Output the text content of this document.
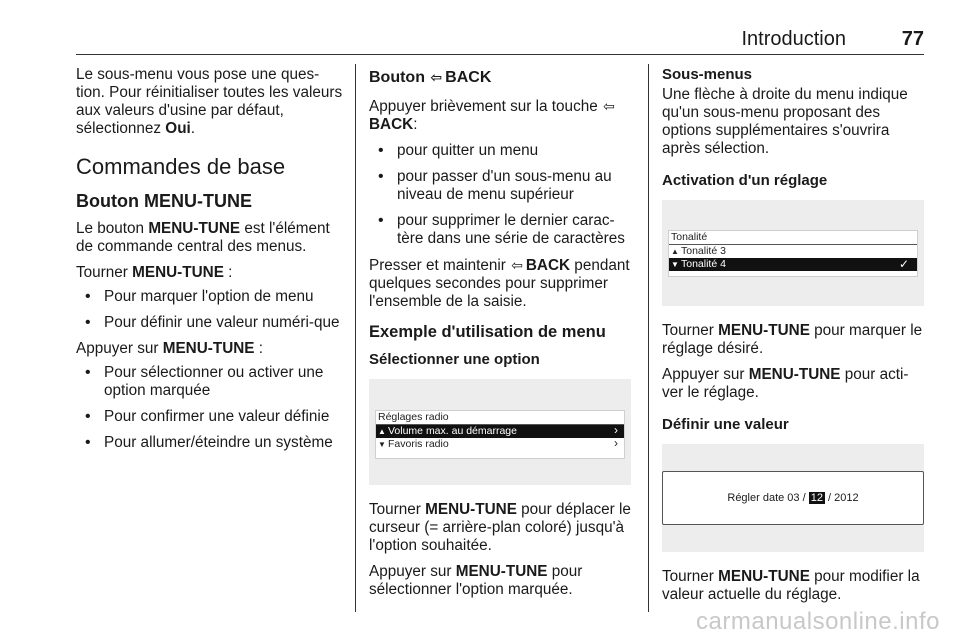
Introduction	77

Le sous-menu vous pose une ques-tion. Pour réinitialiser toutes les valeurs aux valeurs d'usine par défaut, sélectionnez Oui.

Commandes de base
Bouton MENU-TUNE

Le bouton MENU-TUNE est l'élément de commande central des menus.

Tourner MENU-TUNE :

• Pour marquer l'option de menu
• Pour définir une valeur numéri-que

Appuyer sur MENU-TUNE :

• Pour sélectionner ou activer une option marquée
• Pour confirmer une valeur définie
• Pour allumer/éteindre un système
Bouton ⇦ BACK

Appuyer brièvement sur la touche ⇦BACK:

• pour quitter un menu
• pour passer d'un sous-menu au niveau de menu supérieur
• pour supprimer le dernier carac-tère dans une série de caractères

Presser et maintenir ⇦ BACK pendant quelques secondes pour supprimer l'ensemble de la saisie.

Exemple d'utilisation de menu
Sélectionner une option
Réglages radio
▲ Volume max. au démarrage	›
▼ Favoris radio	›

Tourner MENU-TUNE pour déplacer le curseur (= arrière-plan coloré) jusqu'à l'option souhaitée.

Appuyer sur MENU-TUNE pour sélectionner l'option marquée.

Sous-menus

Une flèche à droite du menu indique qu'un sous-menu proposant des options supplémentaires s'ouvrira après sélection.

Activation d'un réglage
Tonalité
▲ Tonalité 3
▼ Tonalité 4	✓

Tourner MENU-TUNE pour marquer le réglage désiré.

Appuyer sur MENU-TUNE pour acti-ver le réglage.

Définir une valeur
Régler date 03 / 12 / 2012

Tourner MENU-TUNE pour modifier la valeur actuelle du réglage.

carmanualsonline.info
